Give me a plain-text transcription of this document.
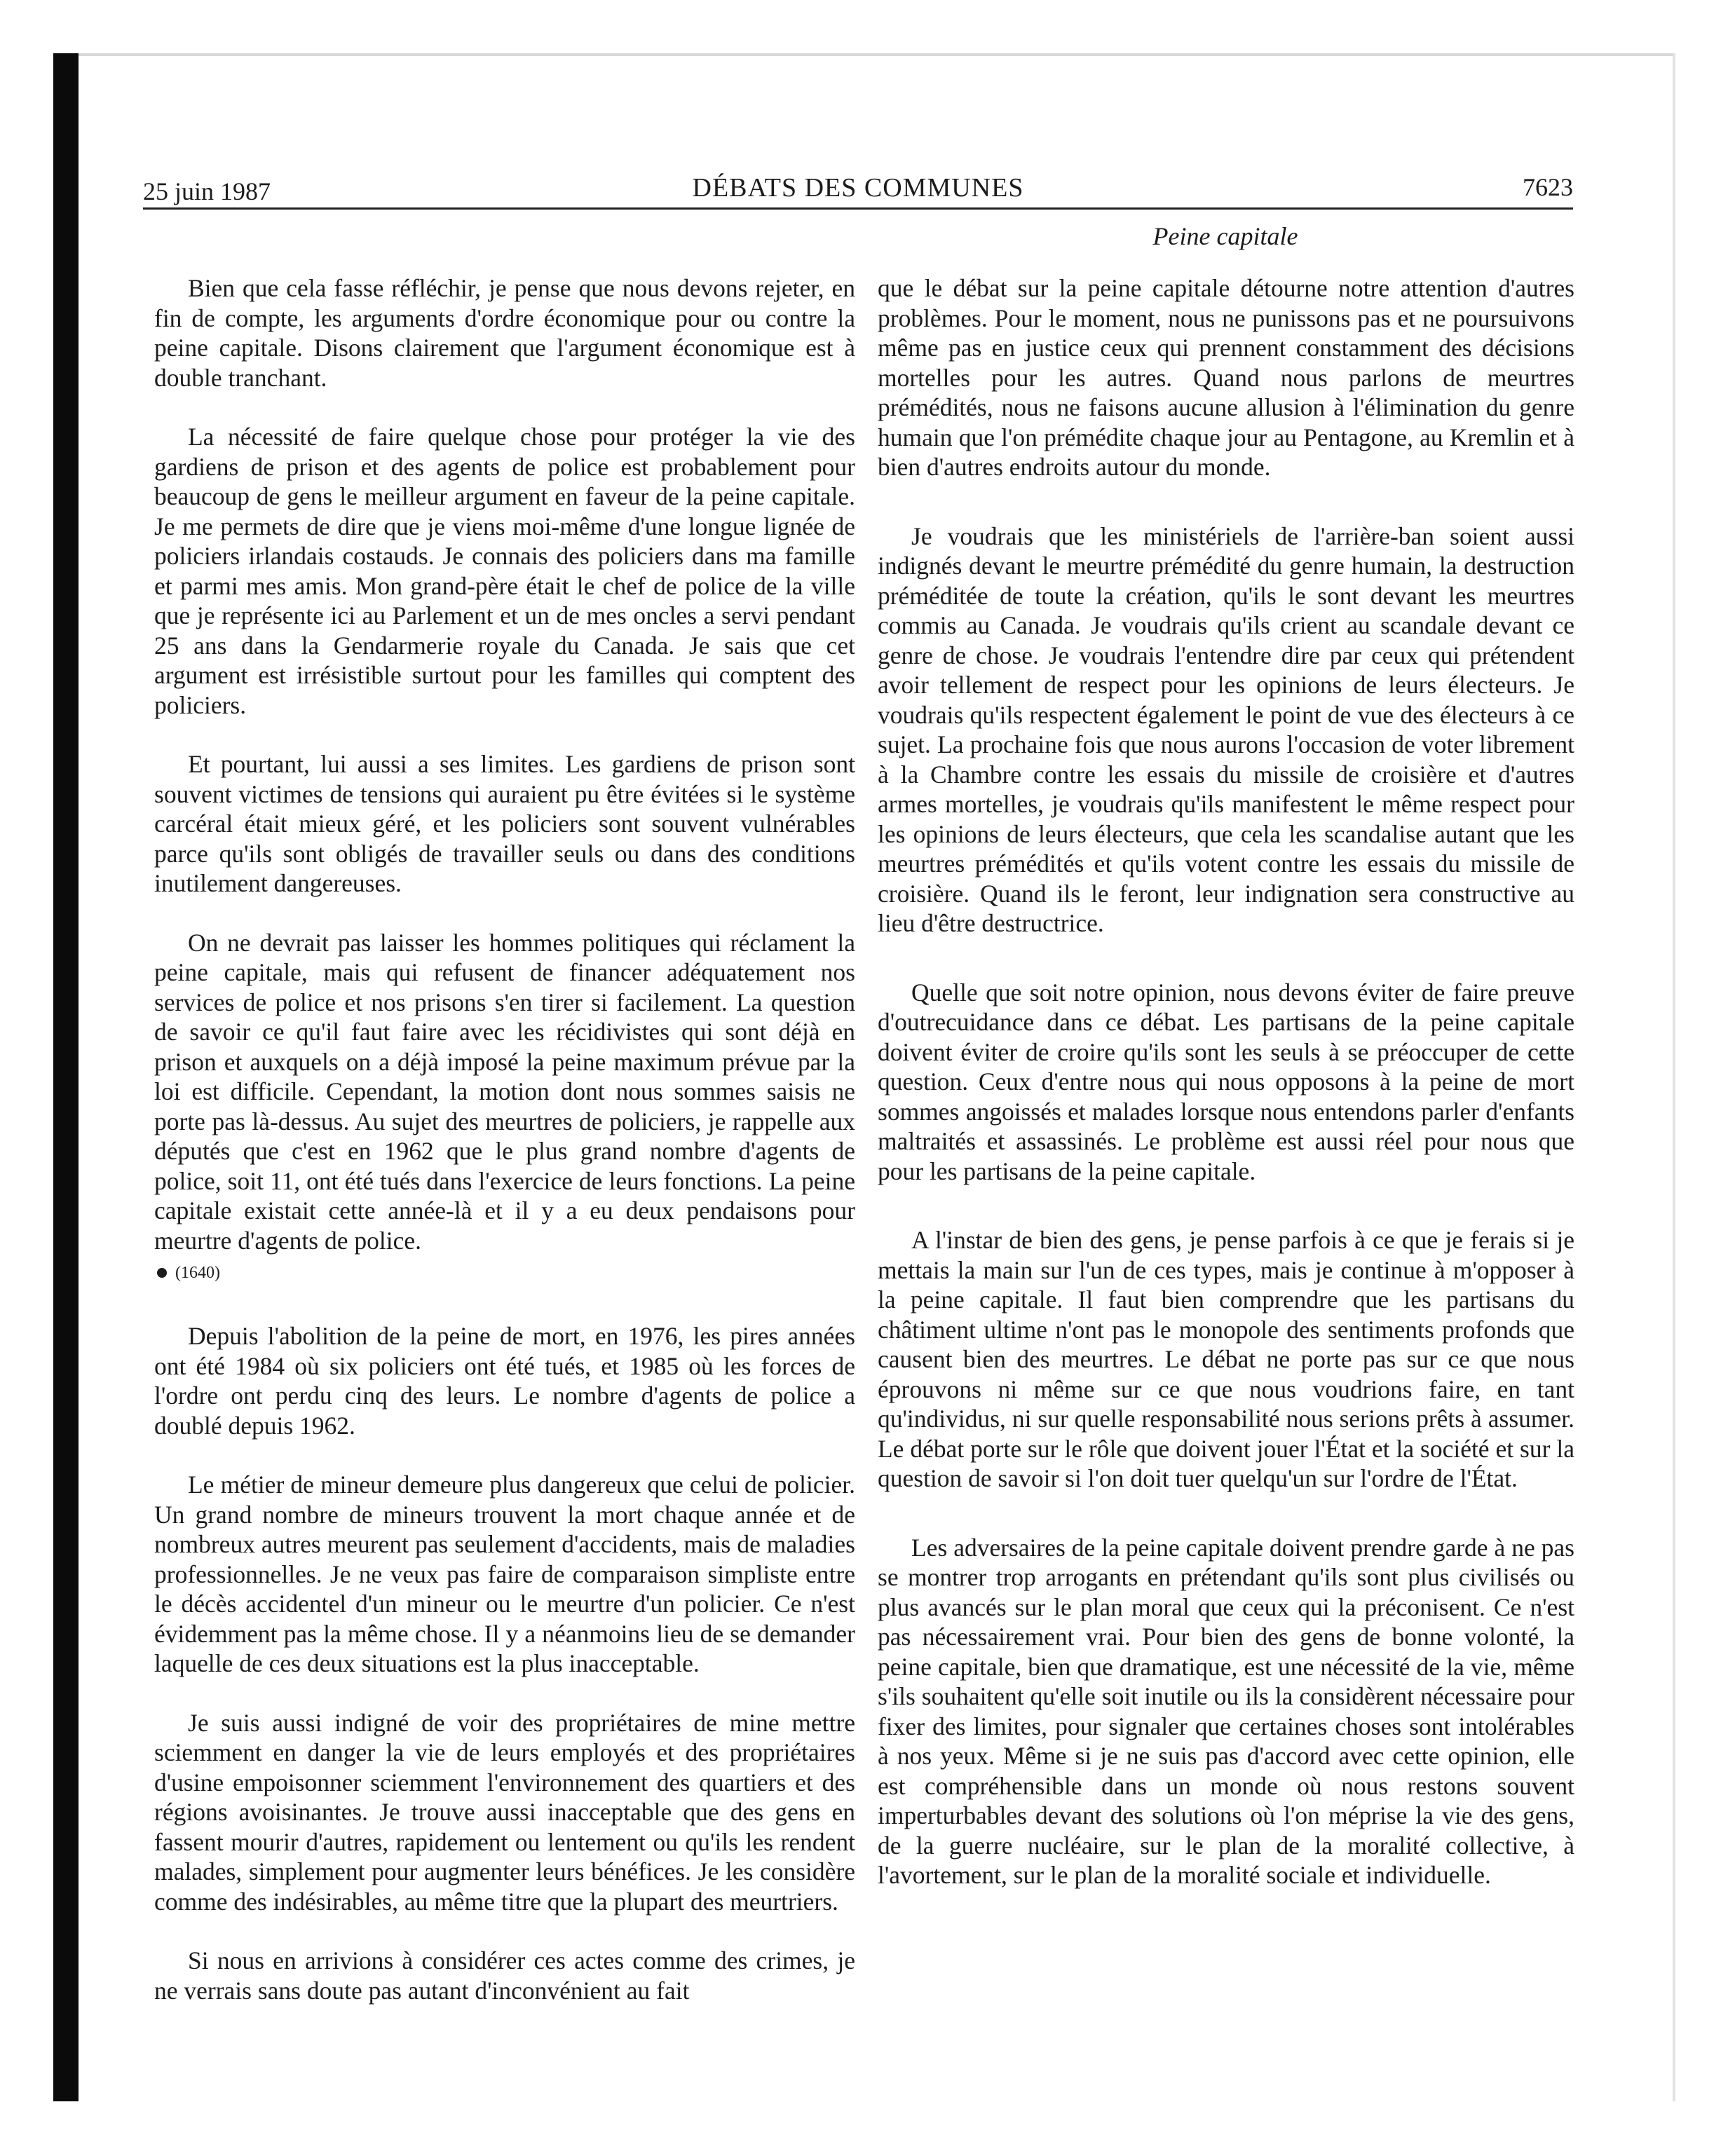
25 juin 1987	DÉBATS DES COMMUNES	7623
Peine capitale

Bien que cela fasse réfléchir, je pense que nous devons rejeter, en fin de compte, les arguments d'ordre économique pour ou contre la peine capitale. Disons clairement que l'argument économique est à double tranchant.

La nécessité de faire quelque chose pour protéger la vie des gardiens de prison et des agents de police est probablement pour beaucoup de gens le meilleur argument en faveur de la peine capitale. Je me permets de dire que je viens moi-même d'une longue lignée de policiers irlandais costauds. Je connais des policiers dans ma famille et parmi mes amis. Mon grand-père était le chef de police de la ville que je représente ici au Parlement et un de mes oncles a servi pendant 25 ans dans la Gendarmerie royale du Canada. Je sais que cet argument est irrésistible surtout pour les familles qui comptent des policiers.

Et pourtant, lui aussi a ses limites. Les gardiens de prison sont souvent victimes de tensions qui auraient pu être évitées si le système carcéral était mieux géré, et les policiers sont souvent vulnérables parce qu'ils sont obligés de travailler seuls ou dans des conditions inutilement dangereuses.

On ne devrait pas laisser les hommes politiques qui réclament la peine capitale, mais qui refusent de financer adéquatement nos services de police et nos prisons s'en tirer si facilement. La question de savoir ce qu'il faut faire avec les récidivistes qui sont déjà en prison et auxquels on a déjà imposé la peine maximum prévue par la loi est difficile. Cependant, la motion dont nous sommes saisis ne porte pas là-dessus. Au sujet des meurtres de policiers, je rappelle aux députés que c'est en 1962 que le plus grand nombre d'agents de police, soit 11, ont été tués dans l'exercice de leurs fonctions. La peine capitale existait cette année-là et il y a eu deux pendaisons pour meurtre d'agents de police.

(1640)

Depuis l'abolition de la peine de mort, en 1976, les pires années ont été 1984 où six policiers ont été tués, et 1985 où les forces de l'ordre ont perdu cinq des leurs. Le nombre d'agents de police a doublé depuis 1962.

Le métier de mineur demeure plus dangereux que celui de policier. Un grand nombre de mineurs trouvent la mort chaque année et de nombreux autres meurent pas seulement d'accidents, mais de maladies professionnelles. Je ne veux pas faire de comparaison simpliste entre le décès accidentel d'un mineur ou le meurtre d'un policier. Ce n'est évidemment pas la même chose. Il y a néanmoins lieu de se demander laquelle de ces deux situations est la plus inacceptable.

Je suis aussi indigné de voir des propriétaires de mine mettre sciemment en danger la vie de leurs employés et des propriétaires d'usine empoisonner sciemment l'environnement des quartiers et des régions avoisinantes. Je trouve aussi inacceptable que des gens en fassent mourir d'autres, rapidement ou lentement ou qu'ils les rendent malades, simplement pour augmenter leurs bénéfices. Je les considère comme des indésirables, au même titre que la plupart des meurtriers.

Si nous en arrivions à considérer ces actes comme des crimes, je ne verrais sans doute pas autant d'inconvénient au fait

que le débat sur la peine capitale détourne notre attention d'autres problèmes. Pour le moment, nous ne punissons pas et ne poursuivons même pas en justice ceux qui prennent constamment des décisions mortelles pour les autres. Quand nous parlons de meurtres prémédités, nous ne faisons aucune allusion à l'élimination du genre humain que l'on prémédite chaque jour au Pentagone, au Kremlin et à bien d'autres endroits autour du monde.

Je voudrais que les ministériels de l'arrière-ban soient aussi indignés devant le meurtre prémédité du genre humain, la destruction préméditée de toute la création, qu'ils le sont devant les meurtres commis au Canada. Je voudrais qu'ils crient au scandale devant ce genre de chose. Je voudrais l'entendre dire par ceux qui prétendent avoir tellement de respect pour les opinions de leurs électeurs. Je voudrais qu'ils respectent également le point de vue des électeurs à ce sujet. La prochaine fois que nous aurons l'occasion de voter librement à la Chambre contre les essais du missile de croisière et d'autres armes mortelles, je voudrais qu'ils manifestent le même respect pour les opinions de leurs électeurs, que cela les scandalise autant que les meurtres prémédités et qu'ils votent contre les essais du missile de croisière. Quand ils le feront, leur indignation sera constructive au lieu d'être destructrice.

Quelle que soit notre opinion, nous devons éviter de faire preuve d'outrecuidance dans ce débat. Les partisans de la peine capitale doivent éviter de croire qu'ils sont les seuls à se préoccuper de cette question. Ceux d'entre nous qui nous opposons à la peine de mort sommes angoissés et malades lorsque nous entendons parler d'enfants maltraités et assassinés. Le problème est aussi réel pour nous que pour les partisans de la peine capitale.

A l'instar de bien des gens, je pense parfois à ce que je ferais si je mettais la main sur l'un de ces types, mais je continue à m'opposer à la peine capitale. Il faut bien comprendre que les partisans du châtiment ultime n'ont pas le monopole des sentiments profonds que causent bien des meurtres. Le débat ne porte pas sur ce que nous éprouvons ni même sur ce que nous voudrions faire, en tant qu'individus, ni sur quelle responsabilité nous serions prêts à assumer. Le débat porte sur le rôle que doivent jouer l'État et la société et sur la question de savoir si l'on doit tuer quelqu'un sur l'ordre de l'État.

Les adversaires de la peine capitale doivent prendre garde à ne pas se montrer trop arrogants en prétendant qu'ils sont plus civilisés ou plus avancés sur le plan moral que ceux qui la préconisent. Ce n'est pas nécessairement vrai. Pour bien des gens de bonne volonté, la peine capitale, bien que dramatique, est une nécessité de la vie, même s'ils souhaitent qu'elle soit inutile ou ils la considèrent nécessaire pour fixer des limites, pour signaler que certaines choses sont intolérables à nos yeux. Même si je ne suis pas d'accord avec cette opinion, elle est compréhensible dans un monde où nous restons souvent imperturbables devant des solutions où l'on méprise la vie des gens, de la guerre nucléaire, sur le plan de la moralité collective, à l'avortement, sur le plan de la moralité sociale et individuelle.
